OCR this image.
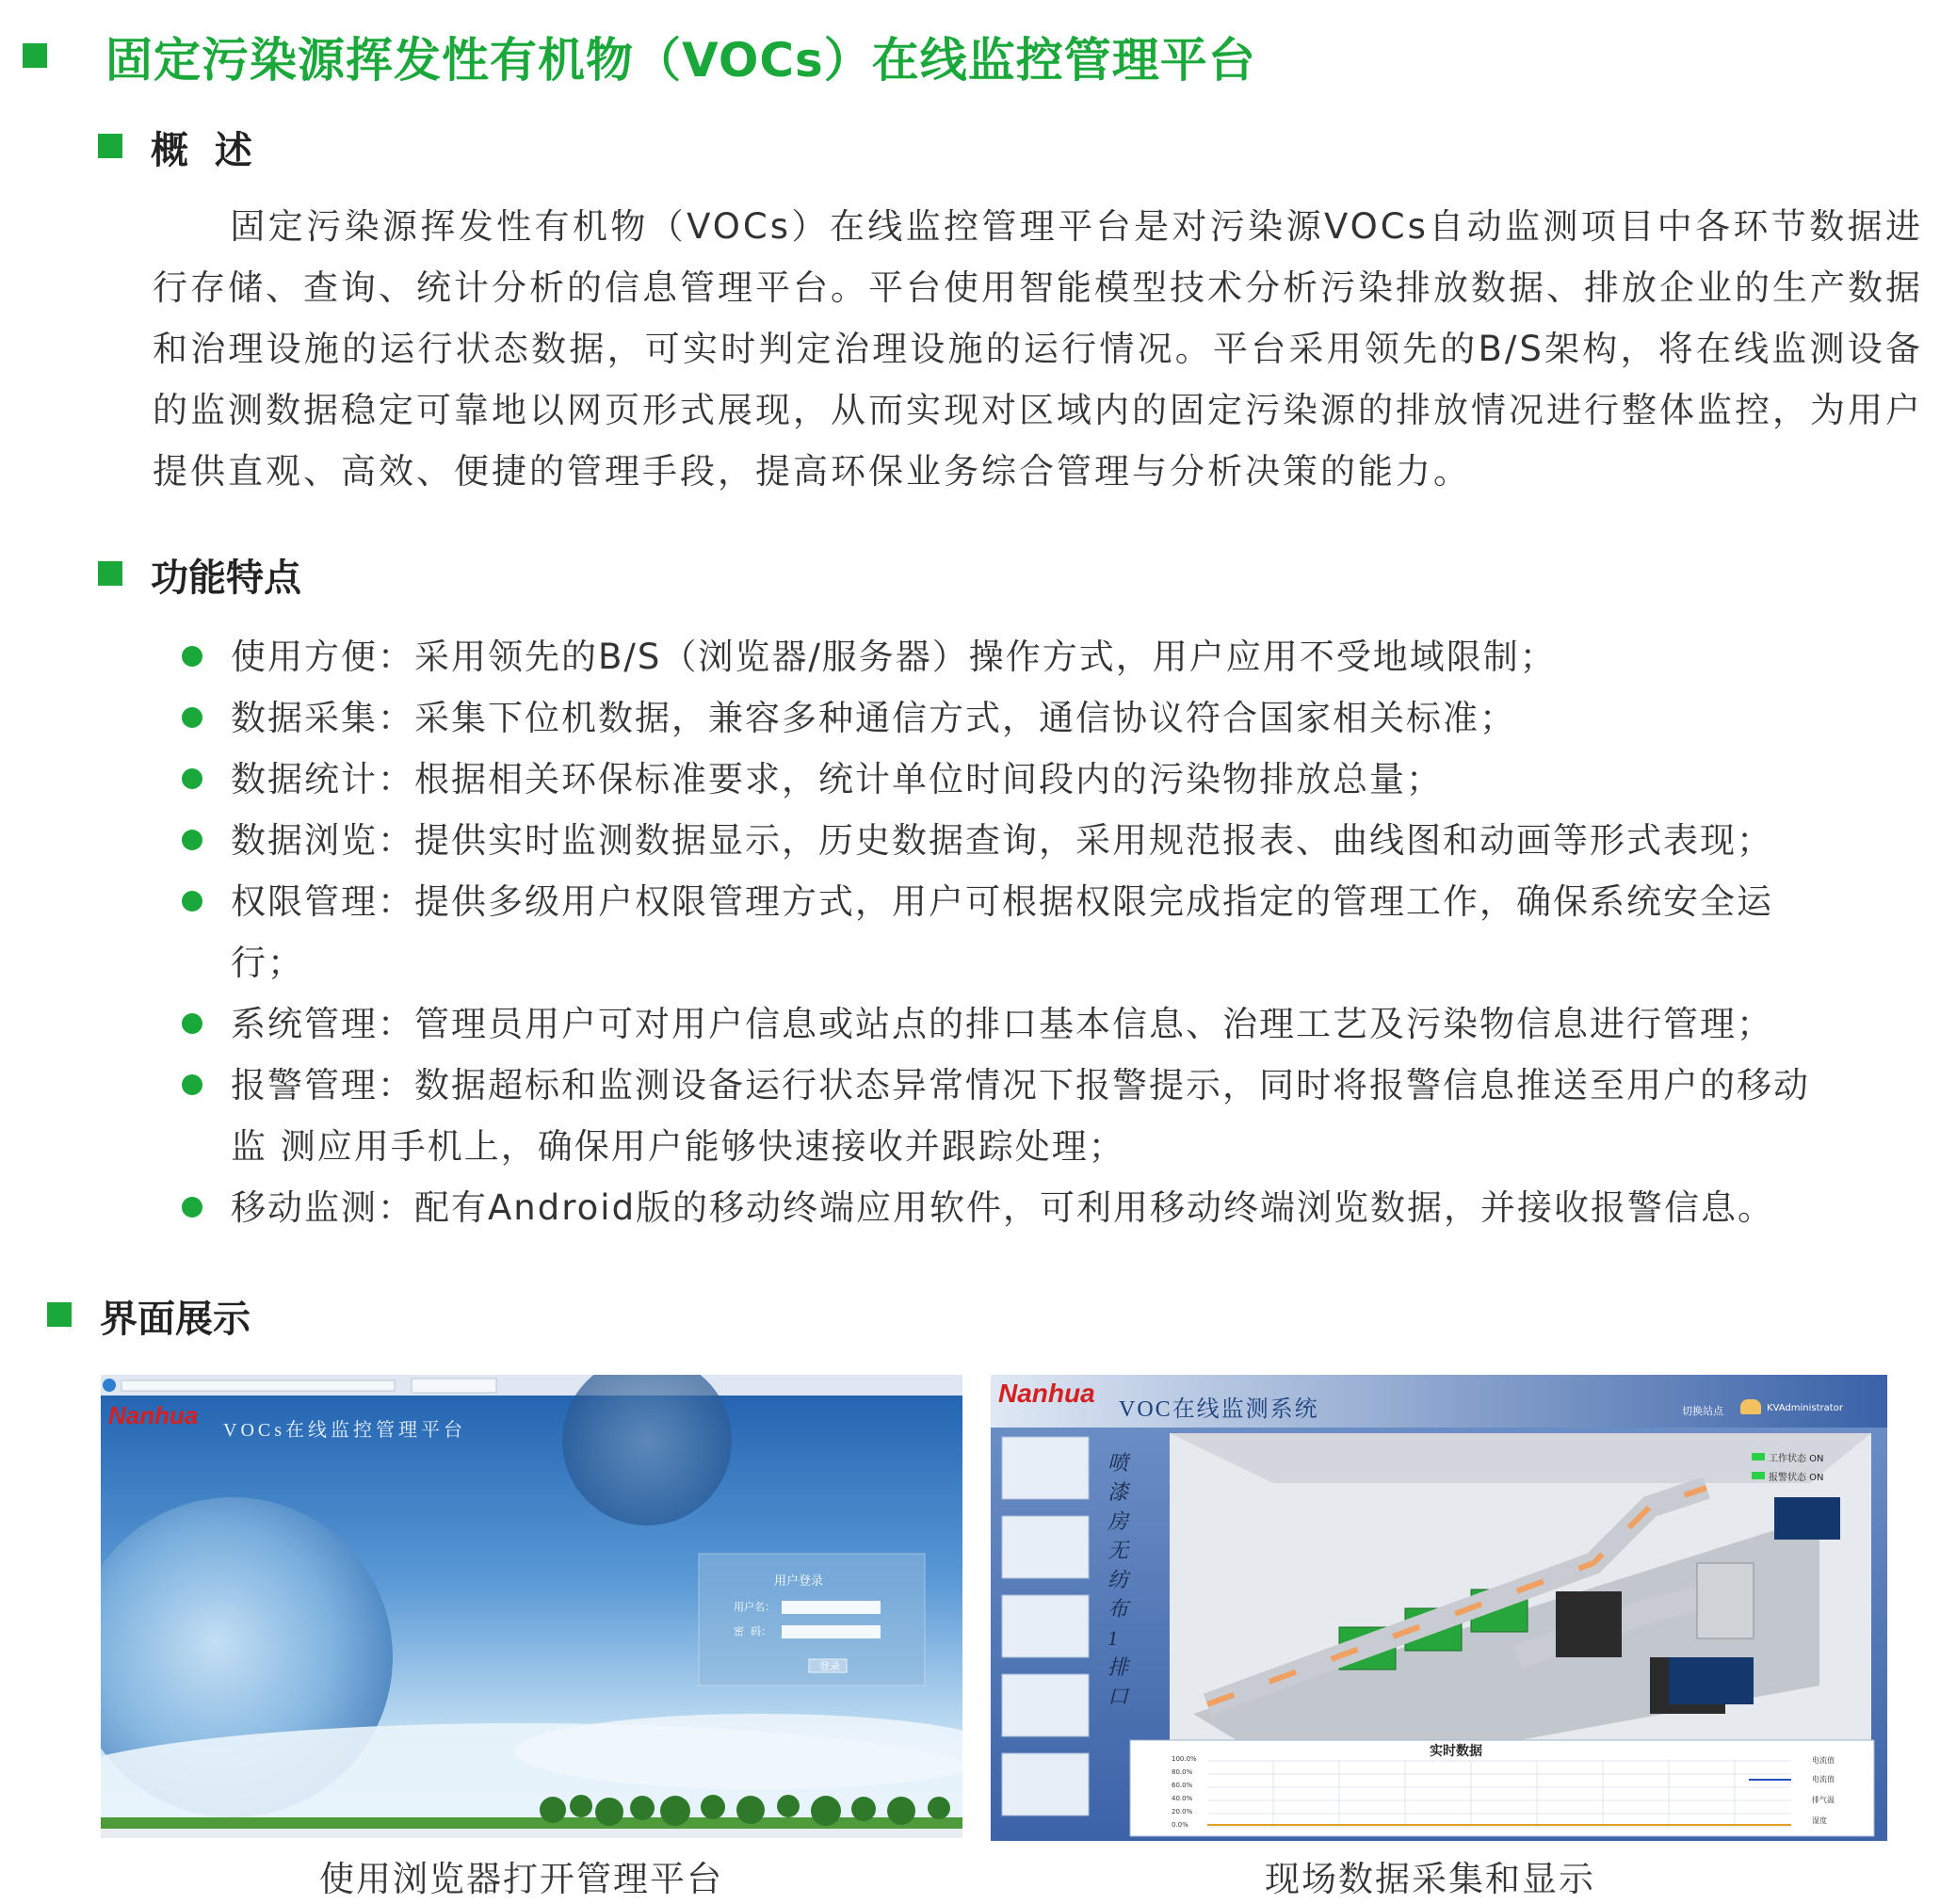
固定污染源挥发性有机物（VOCs）在线监控管理平台
概  述
固定污染源挥发性有机物（VOCs）在线监控管理平台是对污染源VOCs自动监测项目中各环节数据进行存储、查询、统计分析的信息管理平台。平台使用智能模型技术分析污染排放数据、排放企业的生产数据和治理设施的运行状态数据，可实时判定治理设施的运行情况。平台采用领先的B/S架构，将在线监测设备的监测数据稳定可靠地以网页形式展现，从而实现对区域内的固定污染源的排放情况进行整体监控，为用户提供直观、高效、便捷的管理手段，提高环保业务综合管理与分析决策的能力。
功能特点
使用方便：采用领先的B/S（浏览器/服务器）操作方式，用户应用不受地域限制；
数据采集：采集下位机数据，兼容多种通信方式，通信协议符合国家相关标准；
数据统计：根据相关环保标准要求，统计单位时间段内的污染物排放总量；
数据浏览：提供实时监测数据显示，历史数据查询，采用规范报表、曲线图和动画等形式表现；
权限管理：提供多级用户权限管理方式，用户可根据权限完成指定的管理工作，确保系统安全运
行；
系统管理：管理员用户可对用户信息或站点的排口基本信息、治理工艺及污染物信息进行管理；
报警管理：数据超标和监测设备运行状态异常情况下报警提示，同时将报警信息推送至用户的移动
监 测应用手机上，确保用户能够快速接收并跟踪处理；
移动监测：配有Android版的移动终端应用软件，可利用移动终端浏览数据，并接收报警信息。
界面展示
Nanhua
VOCs在线监控管理平台
用户登录
用户名：
密  码：
登录
使用浏览器打开管理平台
Nanhua
VOC在线监测系统	切换站点	KVAdministrator
喷漆房无纺布1排口
工作状态 ON
报警状态 ON
实时数据
100.0%
80.0%
60.0%
40.0%
20.0%
0.0%
电流值
电流值
排气温
湿度
现场数据采集和显示
